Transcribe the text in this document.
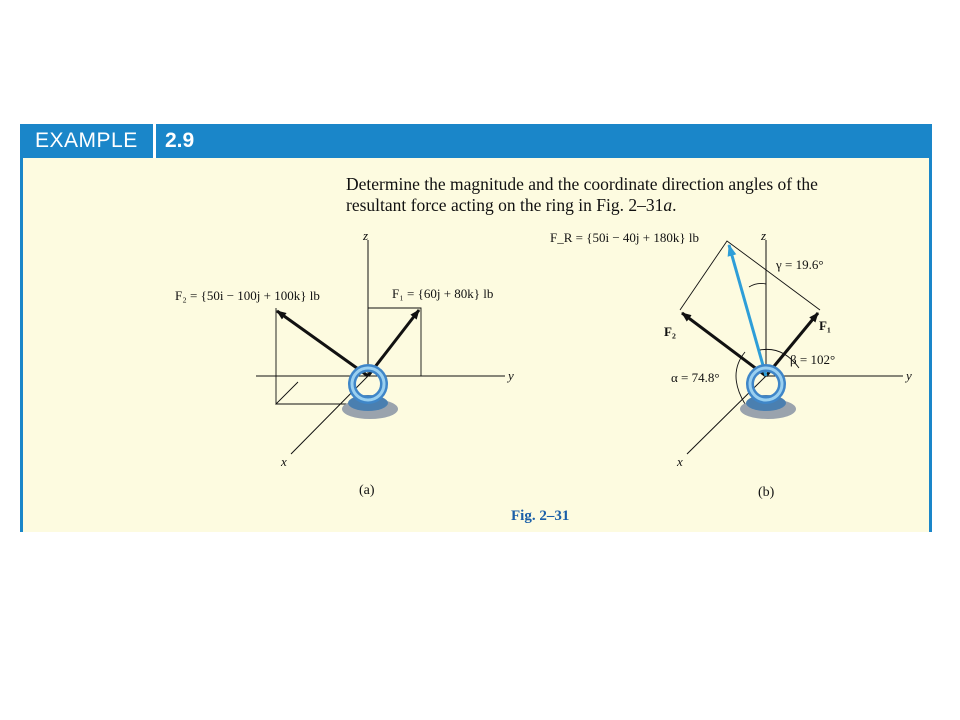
EXAMPLE	2.9
Determine the magnitude and the coordinate direction angles of the
resultant force acting on the ring in Fig. 2–31a.
z
y
x
F₂ = {50i − 100j + 100k} lb	F₁ = {60j + 80k} lb
(a)
z
y
x
F_R = {50i − 40j + 180k} lb
γ = 19.6°
β = 102°
α = 74.8°
F₁
F₂
(b)
Fig. 2–31
